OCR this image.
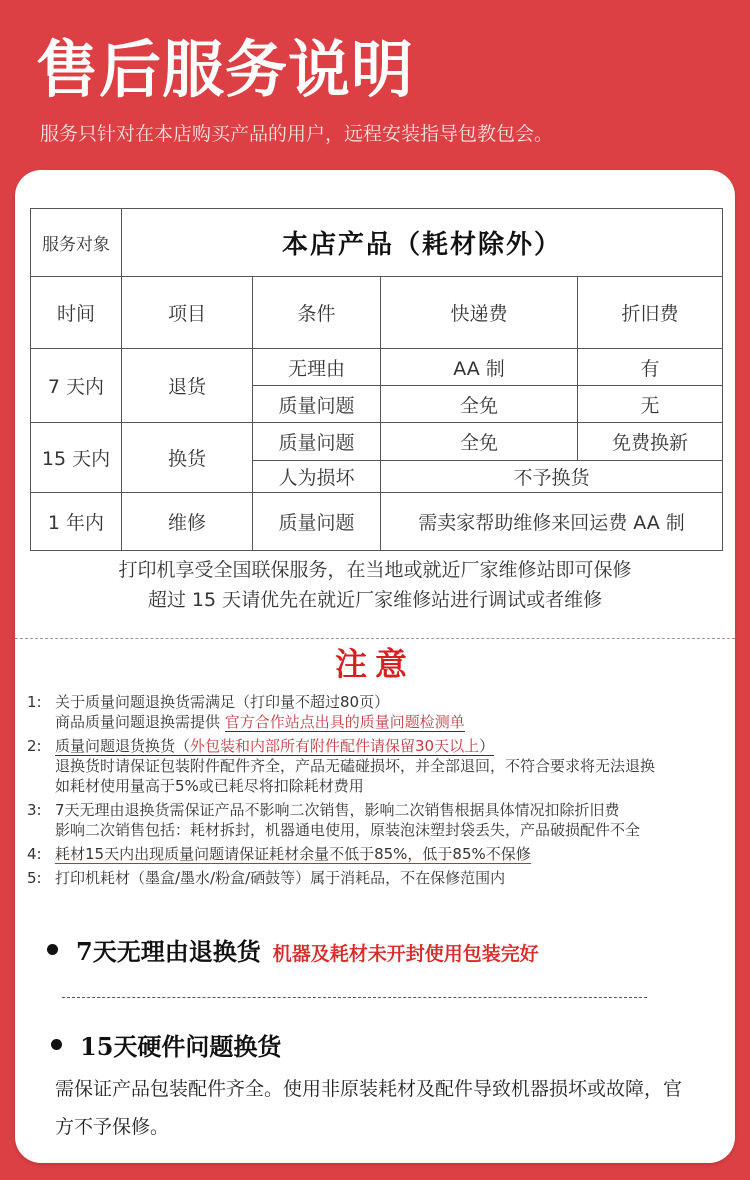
售后服务说明
服务只针对在本店购买产品的用户，远程安装指导包教包会。
服务对象	本店产品（耗材除外）			
时间	项目	条件	快递费	折旧费
7 天内	退货	无理由	AA 制	有
		质量问题	全免	无
15 天内	换货	质量问题	全免	免费换新
		人为损坏	不予换货	
1 年内	维修	质量问题	需卖家帮助维修来回运费 AA 制	
打印机享受全国联保服务，在当地或就近厂家维修站即可保修
超过 15 天请优先在就近厂家维修站进行调试或者维修
注意
1: 关于质量问题退换货需满足（打印量不超过80页）
商品质量问题退换需提供 官方合作站点出具的质量问题检测单
2: 质量问题退货换货（外包装和内部所有附件配件请保留30天以上）
退换货时请保证包装附件配件齐全，产品无磕碰损坏，并全部退回，不符合要求将无法退换
如耗材使用量高于5%或已耗尽将扣除耗材费用
3: 7天无理由退换货需保证产品不影响二次销售，影响二次销售根据具体情况扣除折旧费
影响二次销售包括：耗材拆封，机器通电使用，原装泡沫塑封袋丢失，产品破损配件不全
4: 耗材15天内出现质量问题请保证耗材余量不低于85%，低于85%不保修
5: 打印机耗材（墨盒/墨水/粉盒/硒鼓等）属于消耗品，不在保修范围内
7天无理由退换货 机器及耗材未开封使用包装完好
15天硬件问题换货
需保证产品包装配件齐全。使用非原装耗材及配件导致机器损坏或故障，官方不予保修。
